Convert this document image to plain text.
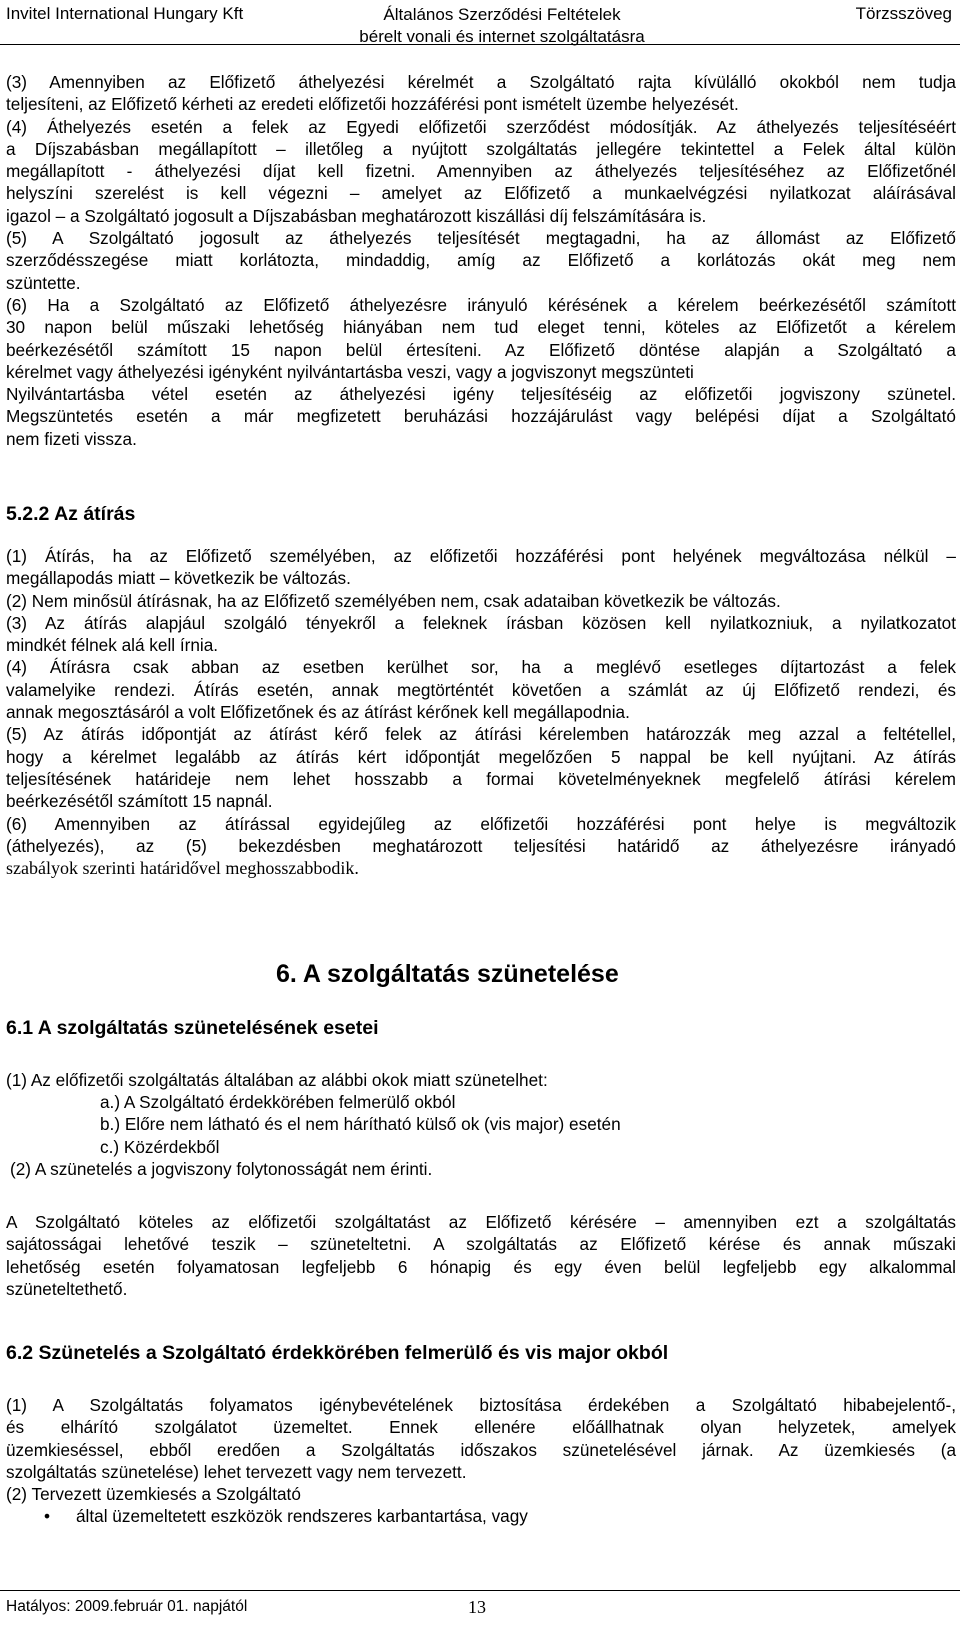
Invitel International Hungary Kft	Általános Szerződési Feltételek
bérelt vonali és internet szolgáltatásra
Törzsszöveg

(3) Amennyiben az Előfizető áthelyezési kérelmét a Szolgáltató rajta kívülálló okokból nem tudja

teljesíteni, az Előfizető kérheti az eredeti előfizetői hozzáférési pont ismételt üzembe helyezését.

(4) Áthelyezés esetén a felek az Egyedi előfizetői szerződést módosítják. Az áthelyezés teljesítéséért

a Díjszabásban megállapított – illetőleg a nyújtott szolgáltatás jellegére tekintettel a Felek által külön

megállapított - áthelyezési díjat kell fizetni. Amennyiben az áthelyezés teljesítéséhez az Előfizetőnél

helyszíni szerelést is kell végezni – amelyet az Előfizető a munkaelvégzési nyilatkozat aláírásával

igazol – a Szolgáltató jogosult a Díjszabásban meghatározott kiszállási díj felszámítására is.

(5) A Szolgáltató jogosult az áthelyezés teljesítését megtagadni, ha az állomást az Előfizető

szerződésszegése miatt korlátozta, mindaddig, amíg az Előfizető a korlátozás okát meg nem

szüntette.

(6) Ha a Szolgáltató az Előfizető áthelyezésre irányuló kérésének a kérelem beérkezésétől számított

30 napon belül műszaki lehetőség hiányában nem tud eleget tenni, köteles az Előfizetőt a kérelem

beérkezésétől számított 15 napon belül értesíteni. Az Előfizető döntése alapján a Szolgáltató a

kérelmet vagy áthelyezési igényként nyilvántartásba veszi, vagy a jogviszonyt megszünteti

Nyilvántartásba vétel esetén az áthelyezési igény teljesítéséig az előfizetői jogviszony szünetel.

Megszüntetés esetén a már megfizetett beruházási hozzájárulást vagy belépési díjat a Szolgáltató

nem fizeti vissza.

5.2.2 Az átírás

(1) Átírás, ha az Előfizető személyében, az előfizetői hozzáférési pont helyének megváltozása nélkül –

megállapodás miatt – következik be változás.

(2) Nem minősül átírásnak, ha az Előfizető személyében nem, csak adataiban következik be változás.

(3) Az átírás alapjául szolgáló tényekről a feleknek írásban közösen kell nyilatkozniuk, a nyilatkozatot

mindkét félnek alá kell írnia.

(4) Átírásra csak abban az esetben kerülhet sor, ha a meglévő esetleges díjtartozást a felek

valamelyike rendezi. Átírás esetén, annak megtörténtét követően a számlát az új Előfizető rendezi, és

annak megosztásáról a volt Előfizetőnek és az átírást kérőnek kell megállapodnia.

(5) Az átírás időpontját az átírást kérő felek az átírási kérelemben határozzák meg azzal a feltétellel,

hogy a kérelmet legalább az átírás kért időpontját megelőzően 5 nappal be kell nyújtani. Az átírás

teljesítésének határideje nem lehet hosszabb a formai követelményeknek megfelelő átírási kérelem

beérkezésétől számított 15 napnál.

(6) Amennyiben az átírással egyidejűleg az előfizetői hozzáférési pont helye is megváltozik

(áthelyezés), az (5) bekezdésben meghatározott teljesítési határidő az áthelyezésre irányadó

szabályok szerinti határidővel meghosszabbodik.

6. A szolgáltatás szünetelése
6.1 A szolgáltatás szünetelésének esetei
(1) Az előfizetői szolgáltatás általában az alábbi okok miatt szünetelhet:
a.) A Szolgáltató érdekkörében felmerülő okból
b.) Előre nem látható és el nem hárítható külső ok (vis major) esetén
c.) Közérdekből
(2) A szünetelés a jogviszony folytonosságát nem érinti.

A Szolgáltató köteles az előfizetői szolgáltatást az Előfizető kérésére – amennyiben ezt a szolgáltatás

sajátosságai lehetővé teszik – szüneteltetni. A szolgáltatás az Előfizető kérése és annak műszaki

lehetőség esetén folyamatosan legfeljebb 6 hónapig és egy éven belül legfeljebb egy alkalommal

szüneteltethető.

6.2 Szünetelés a Szolgáltató érdekkörében felmerülő és vis major okból

(1) A Szolgáltatás folyamatos igénybevételének biztosítása érdekében a Szolgáltató hibabejelentő-,

és elhárító szolgálatot üzemeltet. Ennek ellenére előállhatnak olyan helyzetek, amelyek

üzemkieséssel, ebből eredően a Szolgáltatás időszakos szünetelésével járnak. Az üzemkiesés (a

szolgáltatás szünetelése) lehet tervezett vagy nem tervezett.

(2) Tervezett üzemkiesés a Szolgáltató

• által üzemeltetett eszközök rendszeres karbantartása, vagy
Hatályos: 2009.február 01. napjától	13
